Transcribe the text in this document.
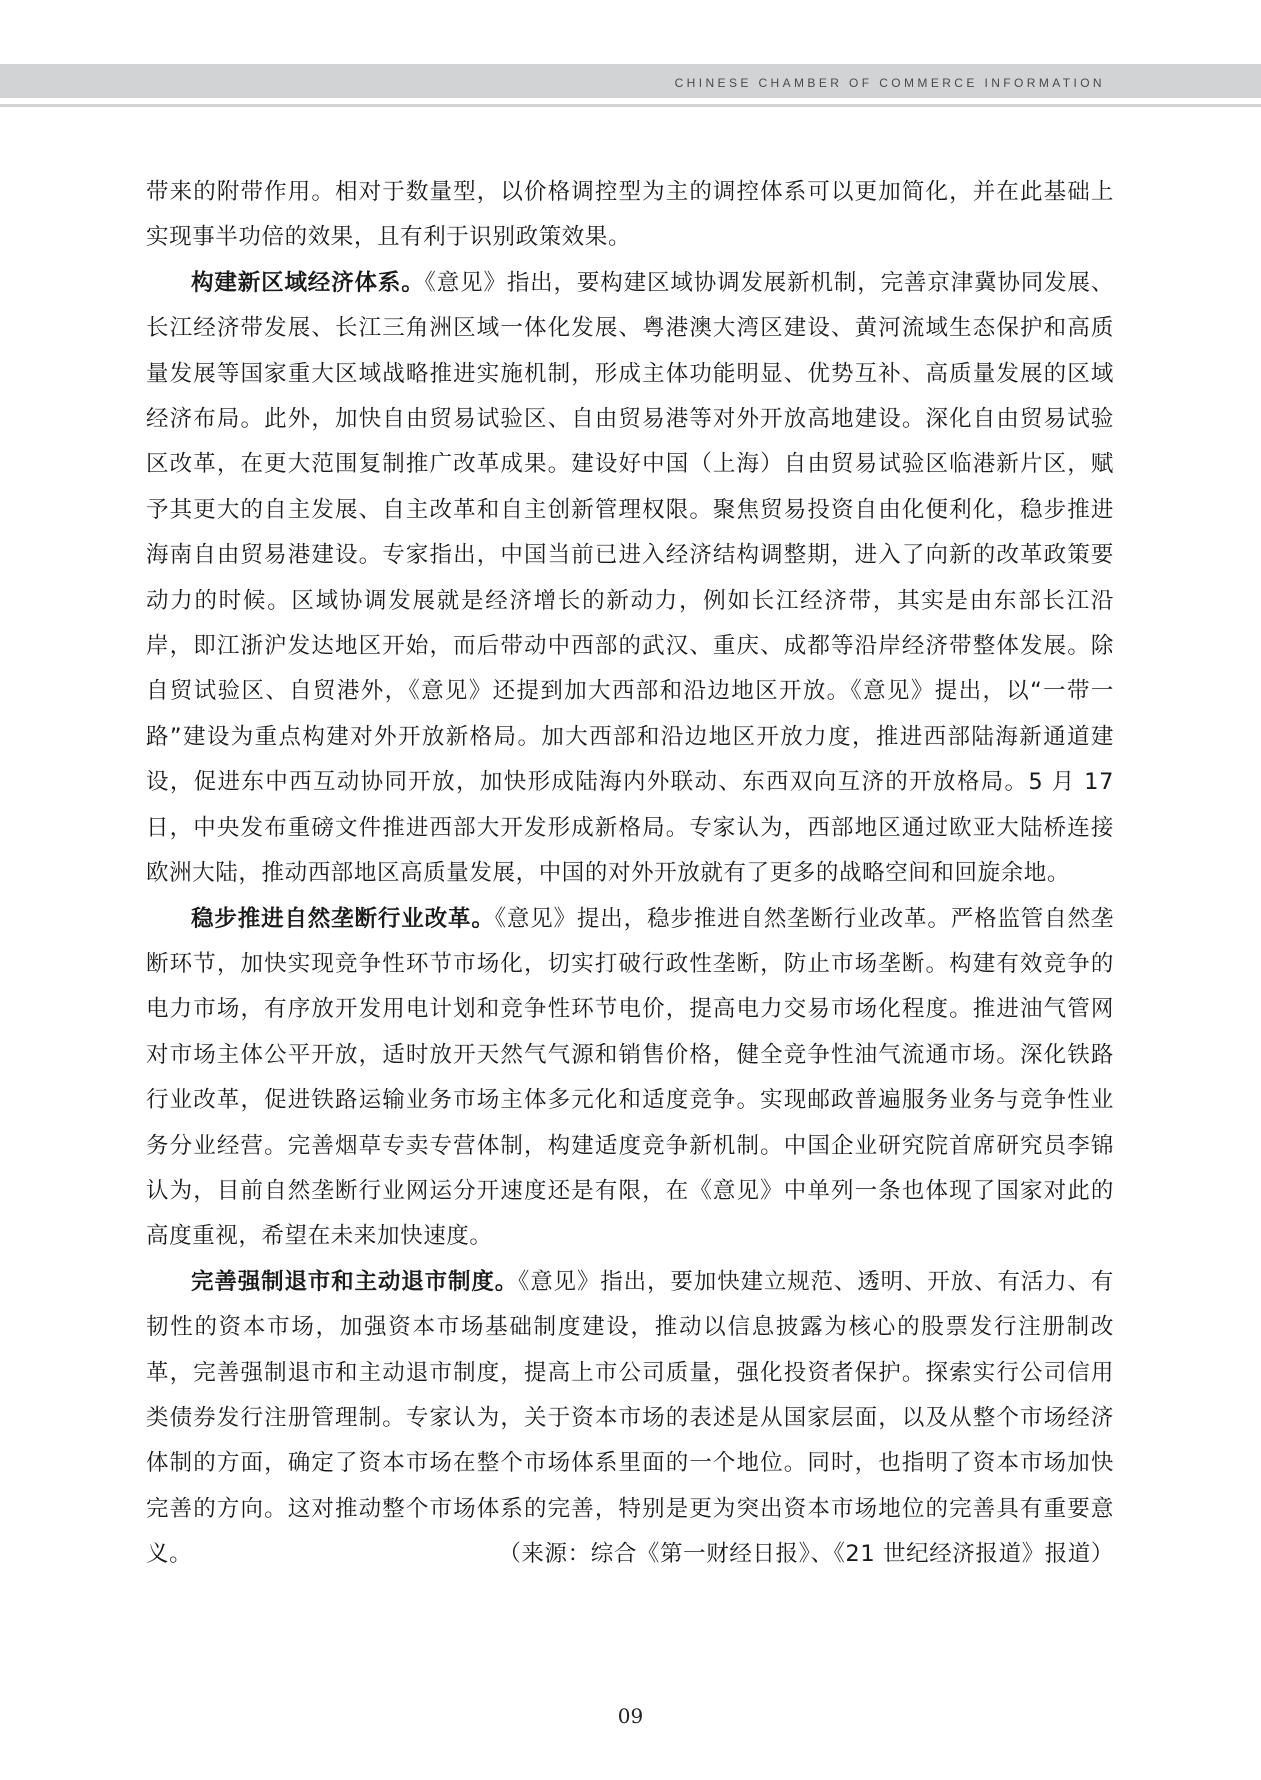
CHINESE CHAMBER OF COMMERCE INFORMATION

带来的附带作用。相对于数量型，以价格调控型为主的调控体系可以更加简化，并在此基础上实现事半功倍的效果，且有利于识别政策效果。

构建新区域经济体系。《意见》指出，要构建区域协调发展新机制，完善京津冀协同发展、长江经济带发展、长江三角洲区域一体化发展、粤港澳大湾区建设、黄河流域生态保护和高质量发展等国家重大区域战略推进实施机制，形成主体功能明显、优势互补、高质量发展的区域经济布局。此外，加快自由贸易试验区、自由贸易港等对外开放高地建设。深化自由贸易试验区改革，在更大范围复制推广改革成果。建设好中国（上海）自由贸易试验区临港新片区，赋予其更大的自主发展、自主改革和自主创新管理权限。聚焦贸易投资自由化便利化，稳步推进海南自由贸易港建设。专家指出，中国当前已进入经济结构调整期，进入了向新的改革政策要动力的时候。区域协调发展就是经济增长的新动力，例如长江经济带，其实是由东部长江沿岸，即江浙沪发达地区开始，而后带动中西部的武汉、重庆、成都等沿岸经济带整体发展。除自贸试验区、自贸港外，《意见》还提到加大西部和沿边地区开放。《意见》提出，以“一带一路”建设为重点构建对外开放新格局。加大西部和沿边地区开放力度，推进西部陆海新通道建设，促进东中西互动协同开放，加快形成陆海内外联动、东西双向互济的开放格局。5 月 17 日，中央发布重磅文件推进西部大开发形成新格局。专家认为，西部地区通过欧亚大陆桥连接欧洲大陆，推动西部地区高质量发展，中国的对外开放就有了更多的战略空间和回旋余地。

稳步推进自然垄断行业改革。《意见》提出，稳步推进自然垄断行业改革。严格监管自然垄断环节，加快实现竞争性环节市场化，切实打破行政性垄断，防止市场垄断。构建有效竞争的电力市场，有序放开发用电计划和竞争性环节电价，提高电力交易市场化程度。推进油气管网对市场主体公平开放，适时放开天然气气源和销售价格，健全竞争性油气流通市场。深化铁路行业改革，促进铁路运输业务市场主体多元化和适度竞争。实现邮政普遍服务业务与竞争性业务分业经营。完善烟草专卖专营体制，构建适度竞争新机制。中国企业研究院首席研究员李锦认为，目前自然垄断行业网运分开速度还是有限，在《意见》中单列一条也体现了国家对此的高度重视，希望在未来加快速度。

完善强制退市和主动退市制度。《意见》指出，要加快建立规范、透明、开放、有活力、有韧性的资本市场，加强资本市场基础制度建设，推动以信息披露为核心的股票发行注册制改革，完善强制退市和主动退市制度，提高上市公司质量，强化投资者保护。探索实行公司信用类债券发行注册管理制。专家认为，关于资本市场的表述是从国家层面，以及从整个市场经济体制的方面，确定了资本市场在整个市场体系里面的一个地位。同时，也指明了资本市场加快完善的方向。这对推动整个市场体系的完善，特别是更为突出资本市场地位的完善具有重要意义。	（来源：综合《第一财经日报》、《21 世纪经济报道》报道）

09
